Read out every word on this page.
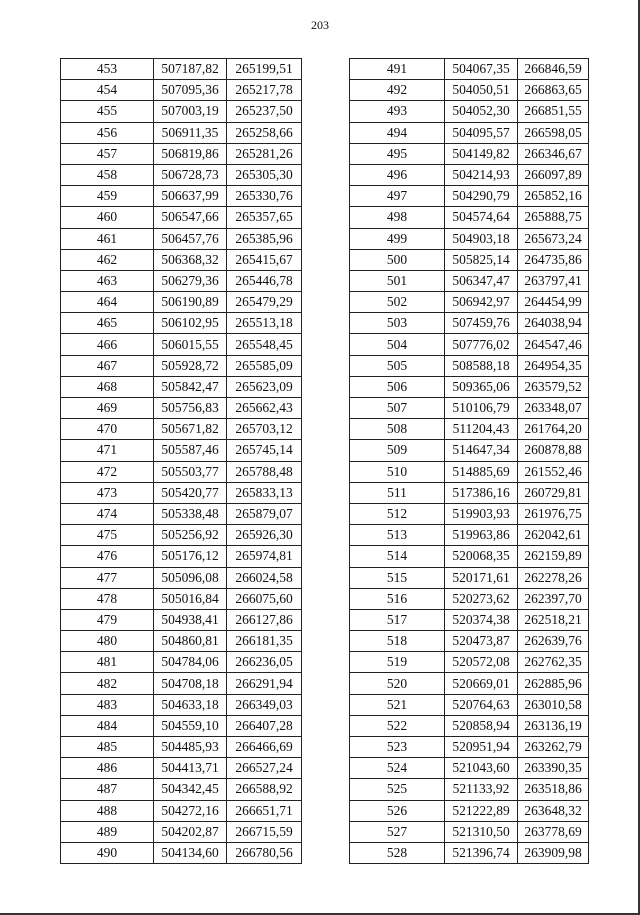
203
453	507187,82	265199,51
454	507095,36	265217,78
455	507003,19	265237,50
456	506911,35	265258,66
457	506819,86	265281,26
458	506728,73	265305,30
459	506637,99	265330,76
460	506547,66	265357,65
461	506457,76	265385,96
462	506368,32	265415,67
463	506279,36	265446,78
464	506190,89	265479,29
465	506102,95	265513,18
466	506015,55	265548,45
467	505928,72	265585,09
468	505842,47	265623,09
469	505756,83	265662,43
470	505671,82	265703,12
471	505587,46	265745,14
472	505503,77	265788,48
473	505420,77	265833,13
474	505338,48	265879,07
475	505256,92	265926,30
476	505176,12	265974,81
477	505096,08	266024,58
478	505016,84	266075,60
479	504938,41	266127,86
480	504860,81	266181,35
481	504784,06	266236,05
482	504708,18	266291,94
483	504633,18	266349,03
484	504559,10	266407,28
485	504485,93	266466,69
486	504413,71	266527,24
487	504342,45	266588,92
488	504272,16	266651,71
489	504202,87	266715,59
490	504134,60	266780,56
491	504067,35	266846,59
492	504050,51	266863,65
493	504052,30	266851,55
494	504095,57	266598,05
495	504149,82	266346,67
496	504214,93	266097,89
497	504290,79	265852,16
498	504574,64	265888,75
499	504903,18	265673,24
500	505825,14	264735,86
501	506347,47	263797,41
502	506942,97	264454,99
503	507459,76	264038,94
504	507776,02	264547,46
505	508588,18	264954,35
506	509365,06	263579,52
507	510106,79	263348,07
508	511204,43	261764,20
509	514647,34	260878,88
510	514885,69	261552,46
511	517386,16	260729,81
512	519903,93	261976,75
513	519963,86	262042,61
514	520068,35	262159,89
515	520171,61	262278,26
516	520273,62	262397,70
517	520374,38	262518,21
518	520473,87	262639,76
519	520572,08	262762,35
520	520669,01	262885,96
521	520764,63	263010,58
522	520858,94	263136,19
523	520951,94	263262,79
524	521043,60	263390,35
525	521133,92	263518,86
526	521222,89	263648,32
527	521310,50	263778,69
528	521396,74	263909,98
